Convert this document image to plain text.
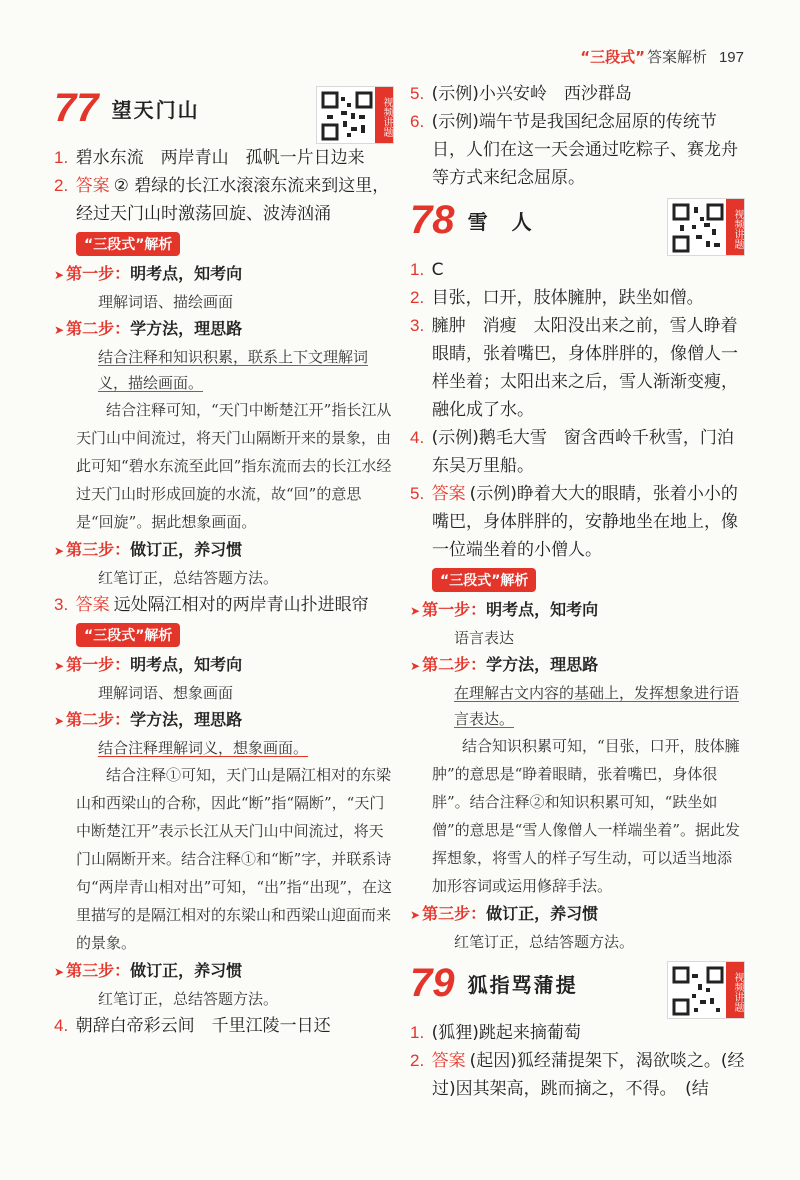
“三段式” 答案解析 197
77 望天门山	视频讲题
1. 碧水东流　两岸青山　孤帆一片日边来
2. 答案 ② 碧绿的长江水滚滚东流来到这里，经过天门山时激荡回旋、波涛汹涌
“三段式”解析
➤ 第一步：明考点，知考向
理解词语、描绘画面
➤ 第二步：学方法，理思路
结合注释和知识积累，联系上下文理解词义，描绘画面。
结合注释可知，“天门中断楚江开”指长江从天门山中间流过，将天门山隔断开来的景象，由此可知“碧水东流至此回”指东流而去的长江水经过天门山时形成回旋的水流，故“回”的意思是“回旋”。据此想象画面。
➤ 第三步：做订正，养习惯
红笔订正，总结答题方法。
3. 答案 远处隔江相对的两岸青山扑进眼帘
“三段式”解析
➤ 第一步：明考点，知考向
理解词语、想象画面
➤ 第二步：学方法，理思路
结合注释理解词义，想象画面。
结合注释①可知，天门山是隔江相对的东梁山和西梁山的合称，因此“断”指“隔断”，“天门中断楚江开”表示长江从天门山中间流过，将天门山隔断开来。结合注释①和“断”字，并联系诗句“两岸青山相对出”可知，“出”指“出现”，在这里描写的是隔江相对的东梁山和西梁山迎面而来的景象。
➤ 第三步：做订正，养习惯
红笔订正，总结答题方法。
4. 朝辞白帝彩云间　千里江陵一日还
5. (示例)小兴安岭　西沙群岛
6. (示例)端午节是我国纪念屈原的传统节日，人们在这一天会通过吃粽子、赛龙舟等方式来纪念屈原。
78 雪　人	视频讲题
1. C
2. 目张，口开，肢体臃肿，趺坐如僧。
3. 臃肿　消瘦　太阳没出来之前，雪人睁着眼睛，张着嘴巴，身体胖胖的，像僧人一样坐着；太阳出来之后，雪人渐渐变瘦，融化成了水。
4. (示例)鹅毛大雪　窗含西岭千秋雪，门泊东吴万里船。
5. 答案 (示例)睁着大大的眼睛，张着小小的嘴巴，身体胖胖的，安静地坐在地上，像一位端坐着的小僧人。
“三段式”解析
➤ 第一步：明考点，知考向
语言表达
➤ 第二步：学方法，理思路
在理解古文内容的基础上，发挥想象进行语言表达。
结合知识积累可知，“目张，口开，肢体臃肿”的意思是“睁着眼睛，张着嘴巴，身体很胖”。结合注释②和知识积累可知，“趺坐如僧”的意思是“雪人像僧人一样端坐着”。据此发挥想象，将雪人的样子写生动，可以适当地添加形容词或运用修辞手法。
➤ 第三步：做订正，养习惯
红笔订正，总结答题方法。
79 狐指骂蒲提	视频讲题
1. (狐狸)跳起来摘葡萄
2. 答案 (起因)狐经蒲提架下，渴欲啖之。(经过)因其架高，跳而摘之，不得。　(结
